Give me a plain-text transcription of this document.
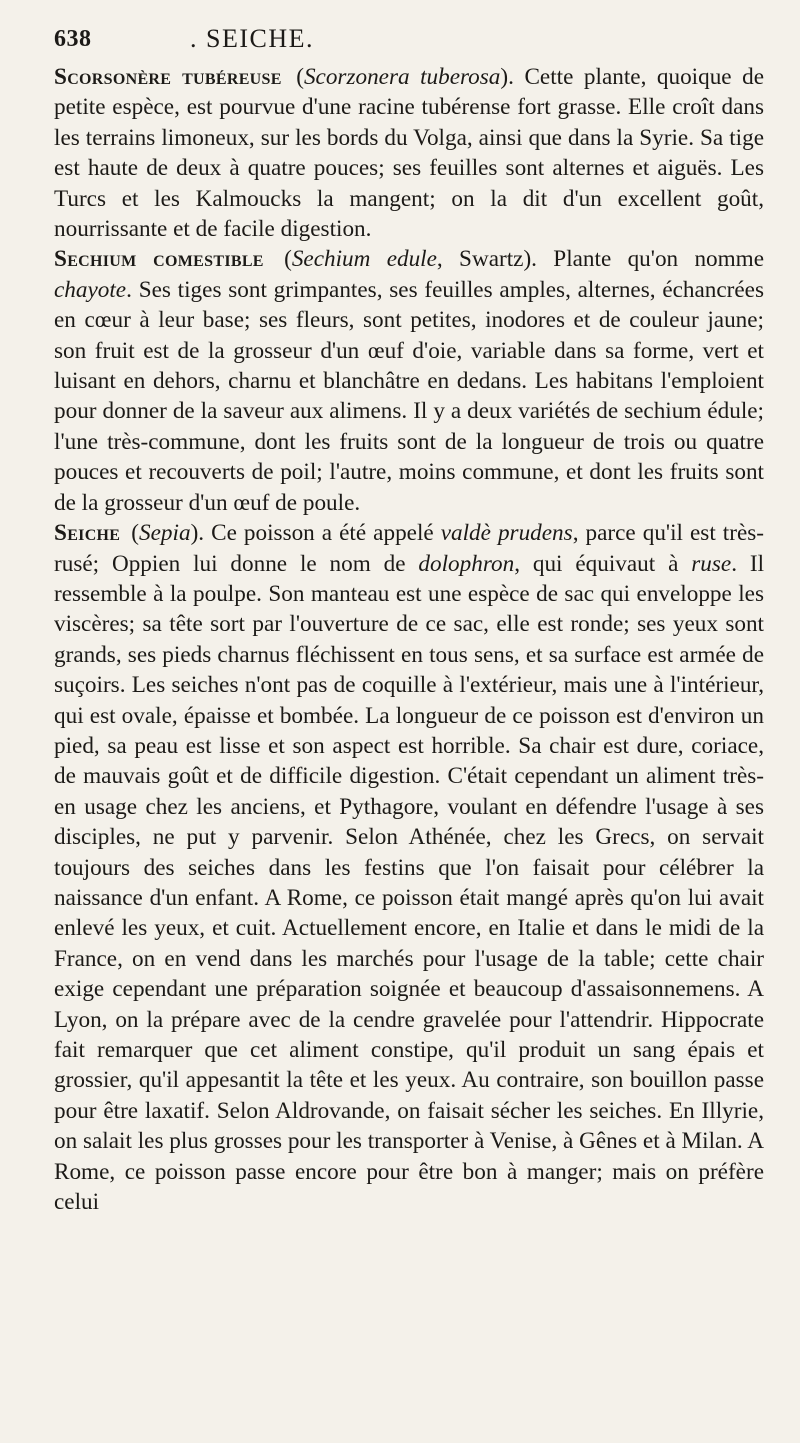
638	. SEICHE.

Scorsonère tubéreuse (Scorzonera tuberosa). Cette plante, quoique de petite espèce, est pourvue d'une racine tubérense fort grasse. Elle croît dans les terrains limoneux, sur les bords du Volga, ainsi que dans la Syrie. Sa tige est haute de deux à quatre pouces; ses feuilles sont alternes et aiguës. Les Turcs et les Kalmoucks la mangent; on la dit d'un excellent goût, nourrissante et de facile digestion.

Sechium comestible (Sechium edule, Swartz). Plante qu'on nomme chayote. Ses tiges sont grimpantes, ses feuilles amples, alternes, échancrées en cœur à leur base; ses fleurs, sont petites, inodores et de couleur jaune; son fruit est de la grosseur d'un œuf d'oie, variable dans sa forme, vert et luisant en dehors, charnu et blanchâtre en dedans. Les habitans l'emploient pour donner de la saveur aux alimens. Il y a deux variétés de sechium édule; l'une très-commune, dont les fruits sont de la longueur de trois ou quatre pouces et recouverts de poil; l'autre, moins commune, et dont les fruits sont de la grosseur d'un œuf de poule.

Seiche (Sepia). Ce poisson a été appelé valdè prudens, parce qu'il est très-rusé; Oppien lui donne le nom de dolophron, qui équivaut à ruse. Il ressemble à la poulpe. Son manteau est une espèce de sac qui enveloppe les viscères; sa tête sort par l'ouverture de ce sac, elle est ronde; ses yeux sont grands, ses pieds charnus fléchissent en tous sens, et sa surface est armée de suçoirs. Les seiches n'ont pas de coquille à l'extérieur, mais une à l'intérieur, qui est ovale, épaisse et bombée. La longueur de ce poisson est d'environ un pied, sa peau est lisse et son aspect est horrible. Sa chair est dure, coriace, de mauvais goût et de difficile digestion. C'était cependant un aliment très-en usage chez les anciens, et Pythagore, voulant en défendre l'usage à ses disciples, ne put y parvenir. Selon Athénée, chez les Grecs, on servait toujours des seiches dans les festins que l'on faisait pour célébrer la naissance d'un enfant. A Rome, ce poisson était mangé après qu'on lui avait enlevé les yeux, et cuit. Actuellement encore, en Italie et dans le midi de la France, on en vend dans les marchés pour l'usage de la table; cette chair exige cependant une préparation soignée et beaucoup d'assaisonnemens. A Lyon, on la prépare avec de la cendre gravelée pour l'attendrir. Hippocrate fait remarquer que cet aliment constipe, qu'il produit un sang épais et grossier, qu'il appesantit la tête et les yeux. Au contraire, son bouillon passe pour être laxatif. Selon Aldrovande, on faisait sécher les seiches. En Illyrie, on salait les plus grosses pour les transporter à Venise, à Gênes et à Milan. A Rome, ce poisson passe encore pour être bon à manger; mais on préfère celui
